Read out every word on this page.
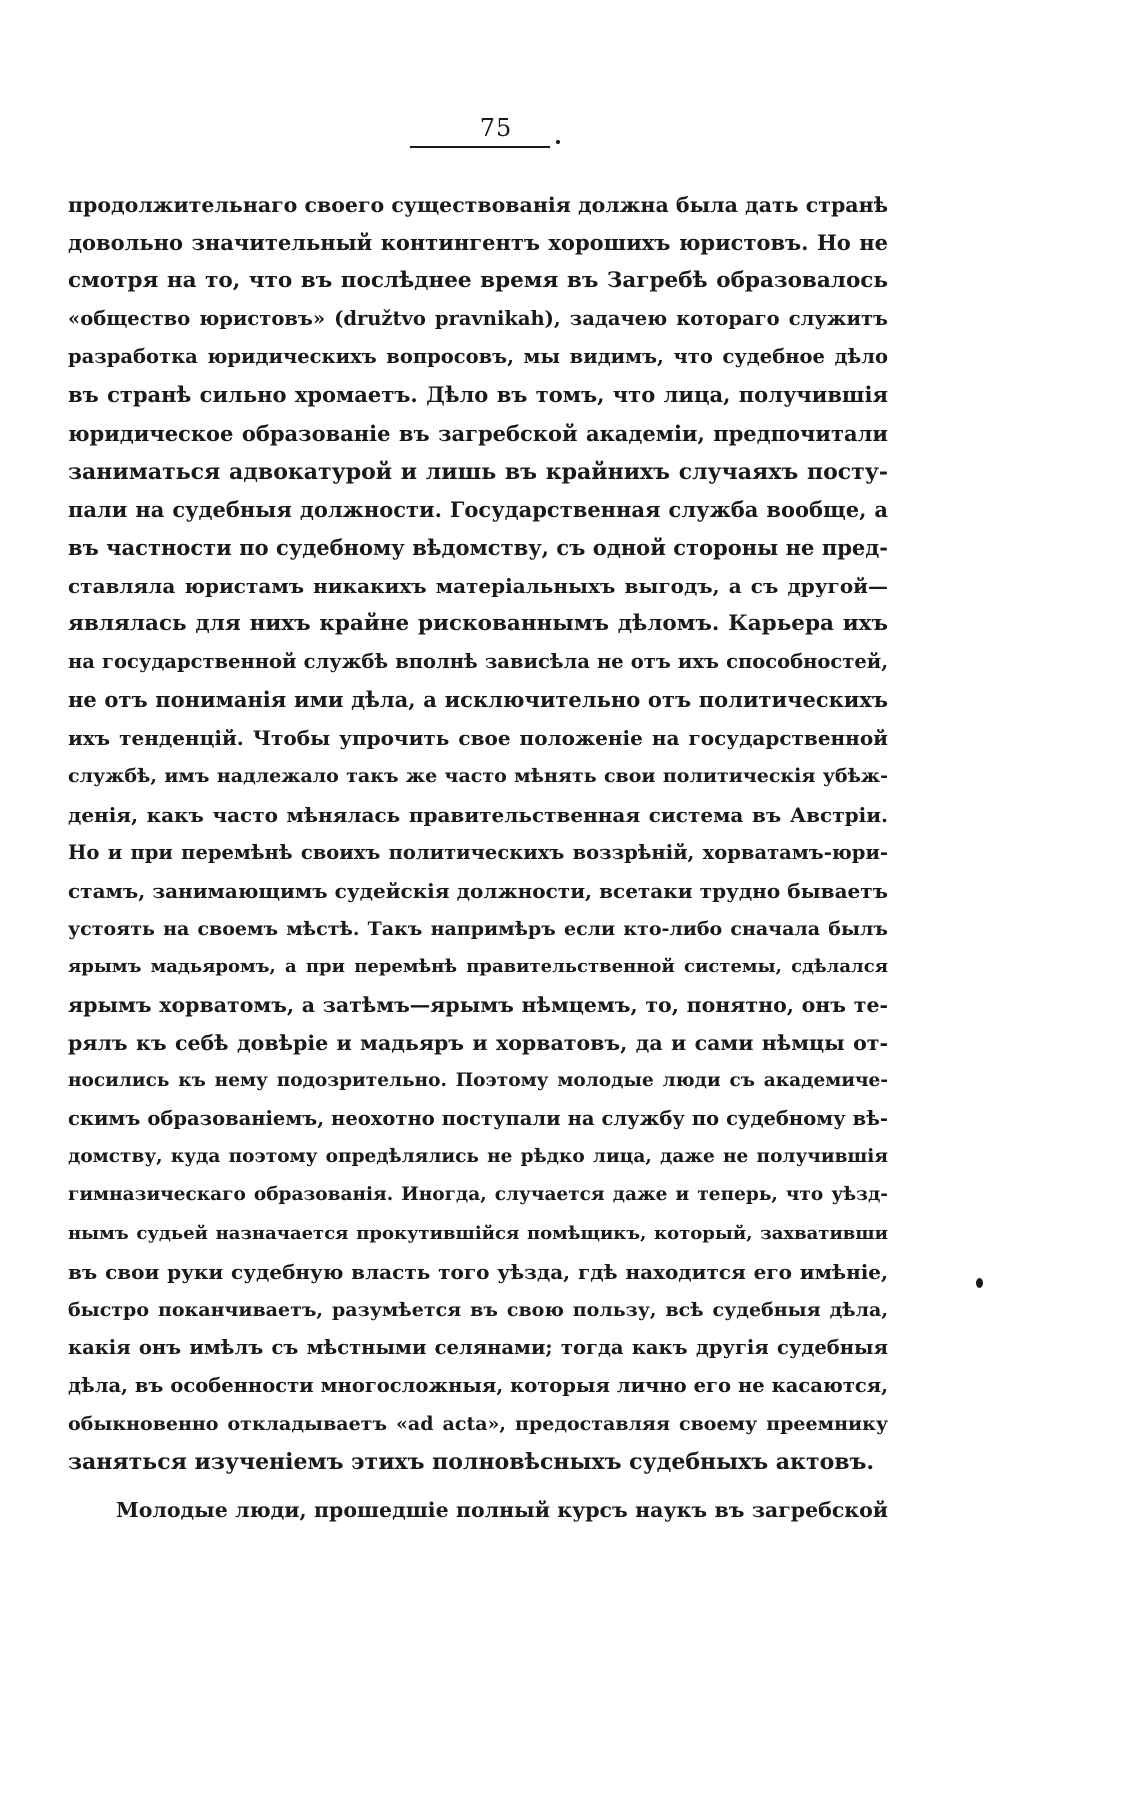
75
продолжительнаго своего существованія должна была дать странѣ
довольно значительный контингентъ хорошихъ юристовъ. Но не
смотря на то, что въ послѣднее время въ Загребѣ образовалось
«общество юристовъ» (družtvo pravnikah), задачею котораго служитъ
разработка юридическихъ вопросовъ, мы видимъ, что судебное дѣло
въ странѣ сильно хромаетъ. Дѣло въ томъ, что лица, получившія
юридическое образованіе въ загребской академіи, предпочитали
заниматься адвокатурой и лишь въ крайнихъ случаяхъ посту-
пали на судебныя должности. Государственная служба вообще, а
въ частности по судебному вѣдомству, съ одной стороны не пред-
ставляла юристамъ никакихъ матеріальныхъ выгодъ, а съ другой—
являлась для нихъ крайне рискованнымъ дѣломъ. Карьера ихъ
на государственной службѣ вполнѣ зависѣла не отъ ихъ способностей,
не отъ пониманія ими дѣла, а исключительно отъ политическихъ
ихъ тенденцій. Чтобы упрочить свое положеніе на государственной
службѣ, имъ надлежало такъ же часто мѣнять свои политическія убѣж-
денія, какъ часто мѣнялась правительственная система въ Австріи.
Но и при перемѣнѣ своихъ политическихъ воззрѣній, хорватамъ-юри-
стамъ, занимающимъ судейскія должности, всетаки трудно бываетъ
устоять на своемъ мѣстѣ. Такъ напримѣръ если кто-либо сначала былъ
ярымъ мадьяромъ, а при перемѣнѣ правительственной системы, сдѣлался
ярымъ хорватомъ, а затѣмъ—ярымъ нѣмцемъ, то, понятно, онъ те-
рялъ къ себѣ довѣріе и мадьяръ и хорватовъ, да и сами нѣмцы от-
носились къ нему подозрительно. Поэтому молодые люди съ академиче-
скимъ образованіемъ, неохотно поступали на службу по судебному вѣ-
домству, куда поэтому опредѣлялись не рѣдко лица, даже не получившія
гимназическаго образованія. Иногда, случается даже и теперь, что уѣзд-
нымъ судьей назначается прокутившійся помѣщикъ, который, захвативши
въ свои руки судебную власть того уѣзда, гдѣ находится его имѣніе,
быстро поканчиваетъ, разумѣется въ свою пользу, всѣ судебныя дѣла,
какія онъ имѣлъ съ мѣстными селянами; тогда какъ другія судебныя
дѣла, въ особенности многосложныя, которыя лично его не касаются,
обыкновенно откладываетъ «ad acta», предоставляя своему преемнику
заняться изученіемъ этихъ полновѣсныхъ судебныхъ актовъ.
Молодые люди, прошедшіе полный курсъ наукъ въ загребской
